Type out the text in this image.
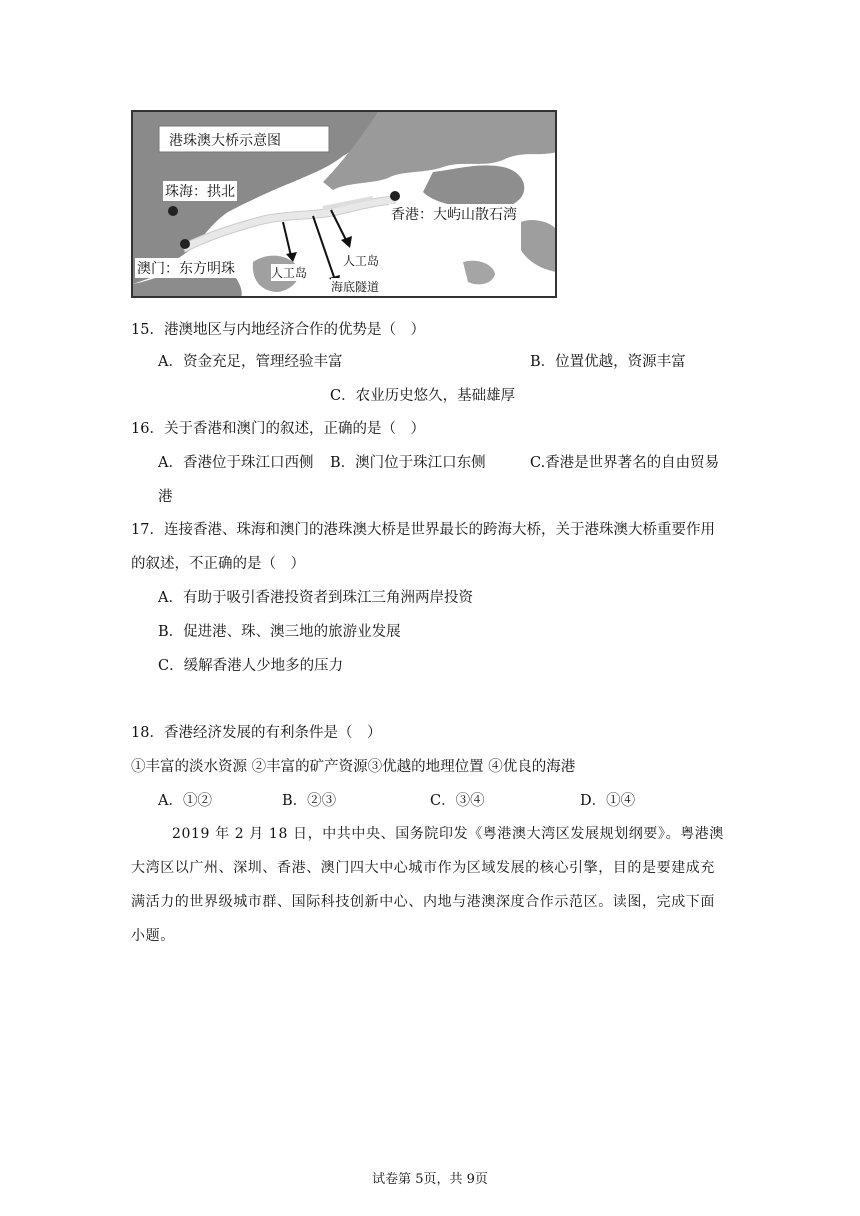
港珠澳大桥示意图
珠海：拱北
香港：大屿山散石湾
澳门：东方明珠	人工岛
人工岛
海底隧道
15．港澳地区与内地经济合作的优势是（　）
A．资金充足，管理经验丰富	B．位置优越，资源丰富
C．农业历史悠久，基础雄厚
16．关于香港和澳门的叙述，正确的是（　）
A．香港位于珠江口西侧 B．澳门位于珠江口东侧	C.香港是世界著名的自由贸易
港
17．连接香港、珠海和澳门的港珠澳大桥是世界最长的跨海大桥，关于港珠澳大桥重要作用
的叙述，不正确的是（　）
A．有助于吸引香港投资者到珠江三角洲两岸投资
B．促进港、珠、澳三地的旅游业发展
C．缓解香港人少地多的压力
18．香港经济发展的有利条件是（　）
①丰富的淡水资源 ②丰富的矿产资源③优越的地理位置 ④优良的海港
A．①②	B．②③	C．③④	D．①④
2019 年 2 月 18 日，中共中央、国务院印发《粤港澳大湾区发展规划纲要》。粤港澳
大湾区以广州、深圳、香港、澳门四大中心城市作为区域发展的核心引擎，目的是要建成充
满活力的世界级城市群、国际科技创新中心、内地与港澳深度合作示范区。读图，完成下面
小题。
试卷第 5页，共 9页
